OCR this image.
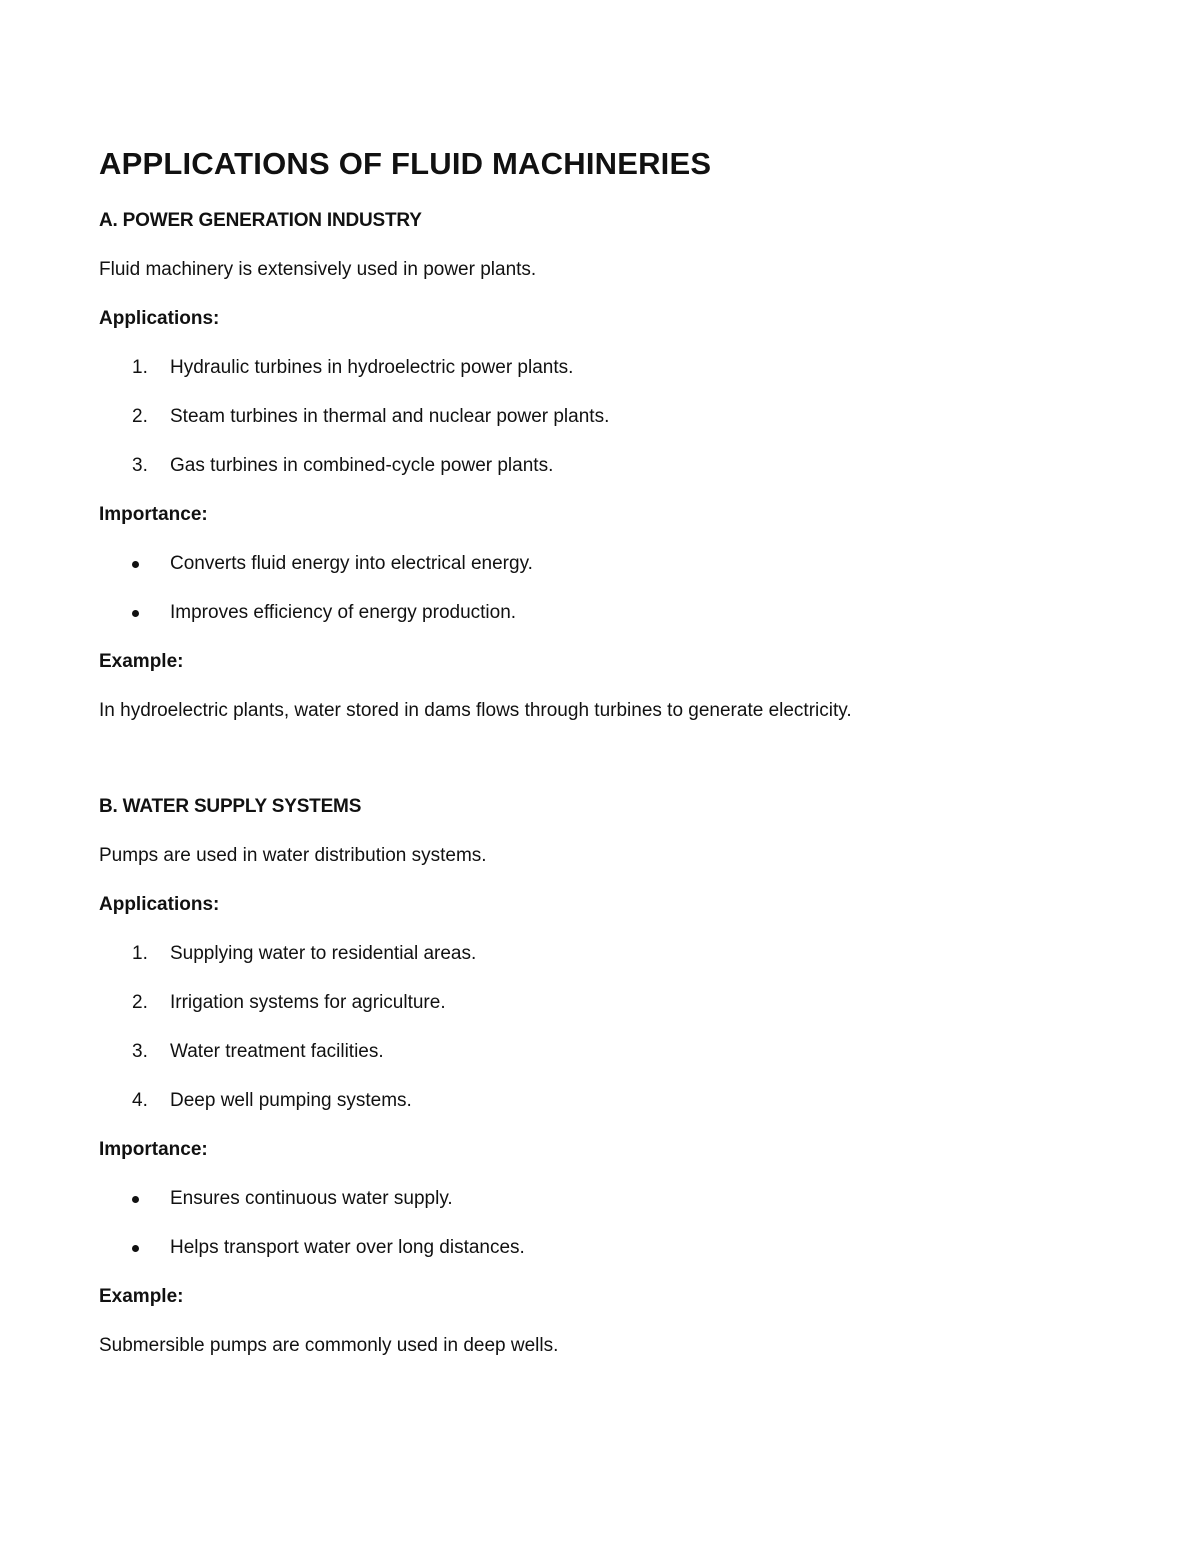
APPLICATIONS OF FLUID MACHINERIES
A. POWER GENERATION INDUSTRY
Fluid machinery is extensively used in power plants.
Applications:
1.	Hydraulic turbines in hydroelectric power plants.
2.	Steam turbines in thermal and nuclear power plants.
3.	Gas turbines in combined-cycle power plants.
Importance:
Converts fluid energy into electrical energy.
Improves efficiency of energy production.
Example:
In hydroelectric plants, water stored in dams flows through turbines to generate electricity.
B. WATER SUPPLY SYSTEMS
Pumps are used in water distribution systems.
Applications:
1.	Supplying water to residential areas.
2.	Irrigation systems for agriculture.
3.	Water treatment facilities.
4.	Deep well pumping systems.
Importance:
Ensures continuous water supply.
Helps transport water over long distances.
Example:
Submersible pumps are commonly used in deep wells.
